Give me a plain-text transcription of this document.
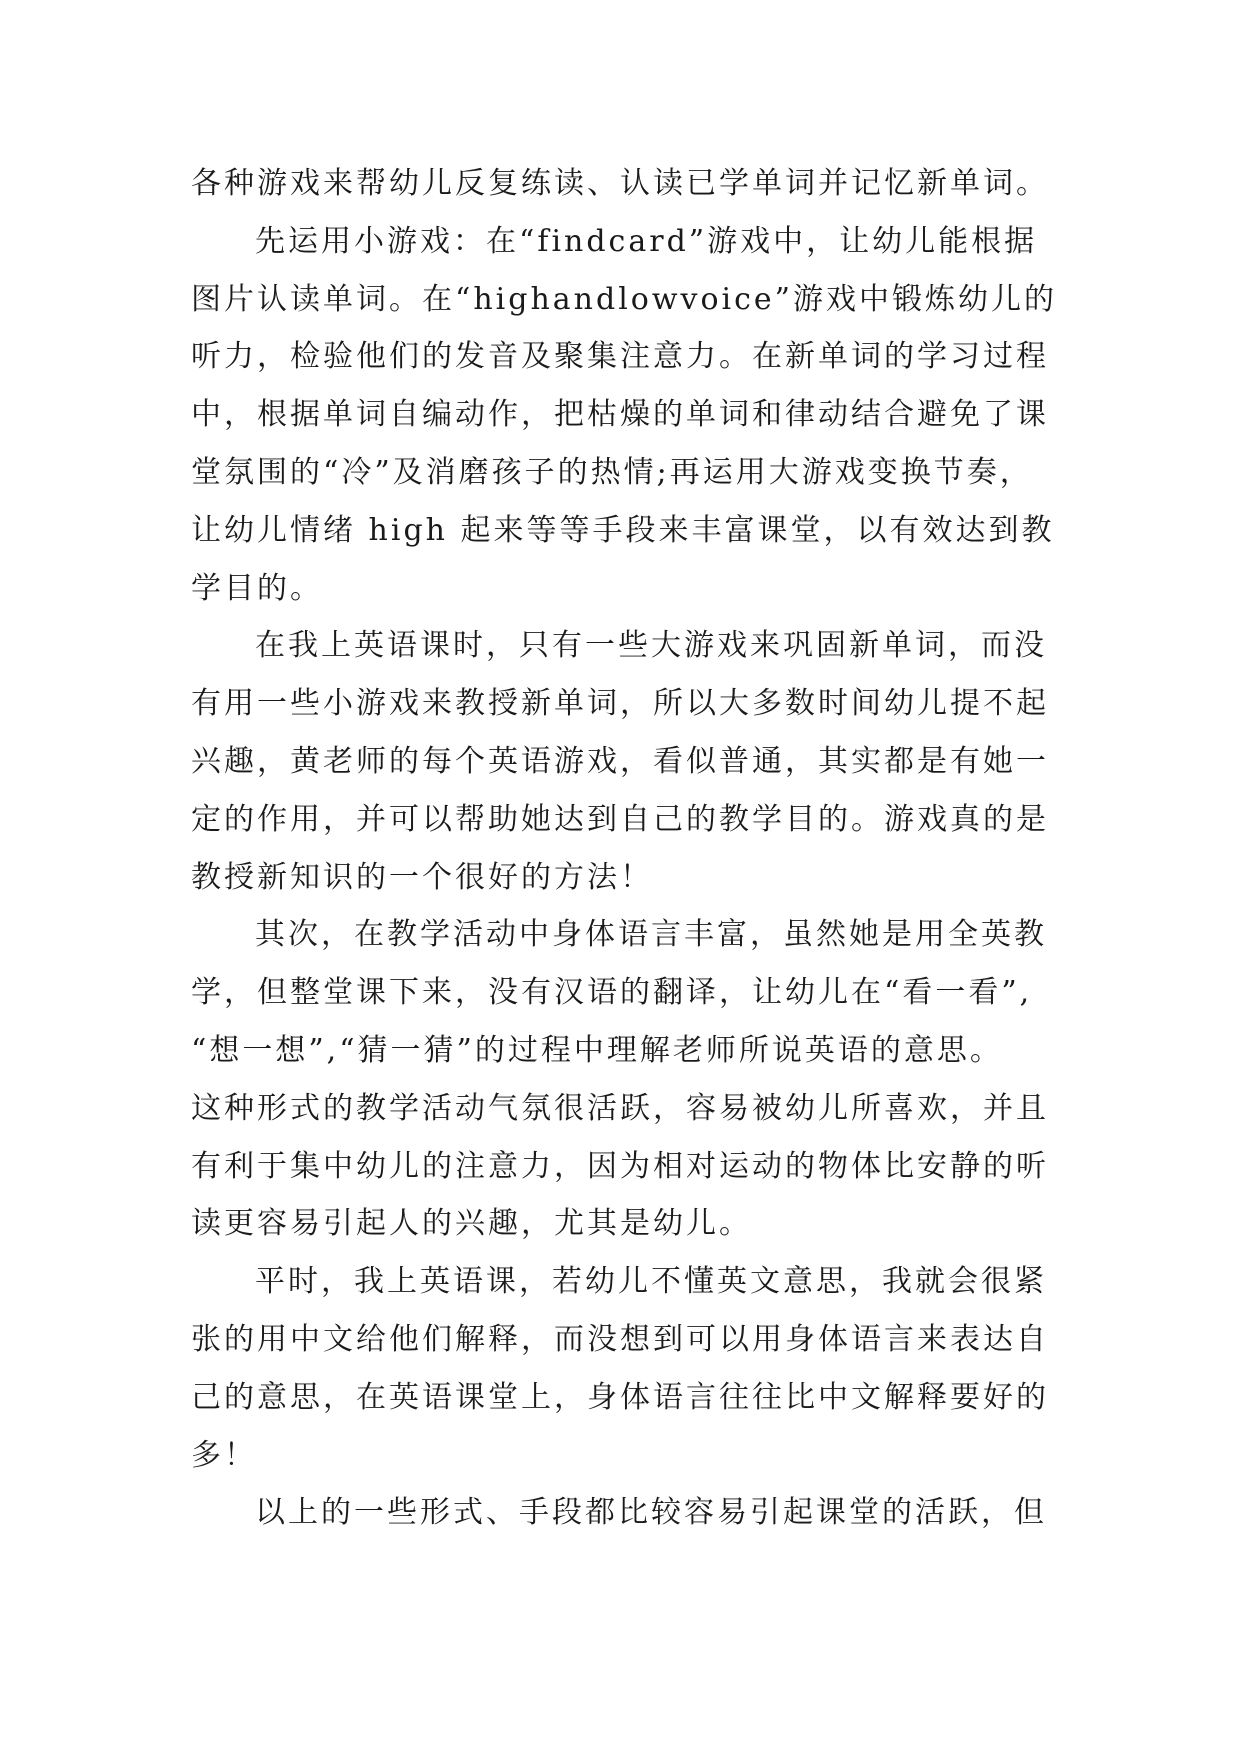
各种游戏来帮幼儿反复练读、认读已学单词并记忆新单词。
先运用小游戏：在“findcard”游戏中，让幼儿能根据
图片认读单词。在“highandlowvoice”游戏中锻炼幼儿的
听力，检验他们的发音及聚集注意力。在新单词的学习过程
中，根据单词自编动作，把枯燥的单词和律动结合避免了课
堂氛围的“冷”及消磨孩子的热情;再运用大游戏变换节奏，
让幼儿情绪 high 起来等等手段来丰富课堂，以有效达到教
学目的。
在我上英语课时，只有一些大游戏来巩固新单词，而没
有用一些小游戏来教授新单词，所以大多数时间幼儿提不起
兴趣，黄老师的每个英语游戏，看似普通，其实都是有她一
定的作用，并可以帮助她达到自己的教学目的。游戏真的是
教授新知识的一个很好的方法！
其次，在教学活动中身体语言丰富，虽然她是用全英教
学，但整堂课下来，没有汉语的翻译，让幼儿在“看一看”,
“想一想”,“猜一猜”的过程中理解老师所说英语的意思。
这种形式的教学活动气氛很活跃，容易被幼儿所喜欢，并且
有利于集中幼儿的注意力，因为相对运动的物体比安静的听
读更容易引起人的兴趣，尤其是幼儿。
平时，我上英语课，若幼儿不懂英文意思，我就会很紧
张的用中文给他们解释，而没想到可以用身体语言来表达自
己的意思，在英语课堂上，身体语言往往比中文解释要好的
多！
以上的一些形式、手段都比较容易引起课堂的活跃，但
